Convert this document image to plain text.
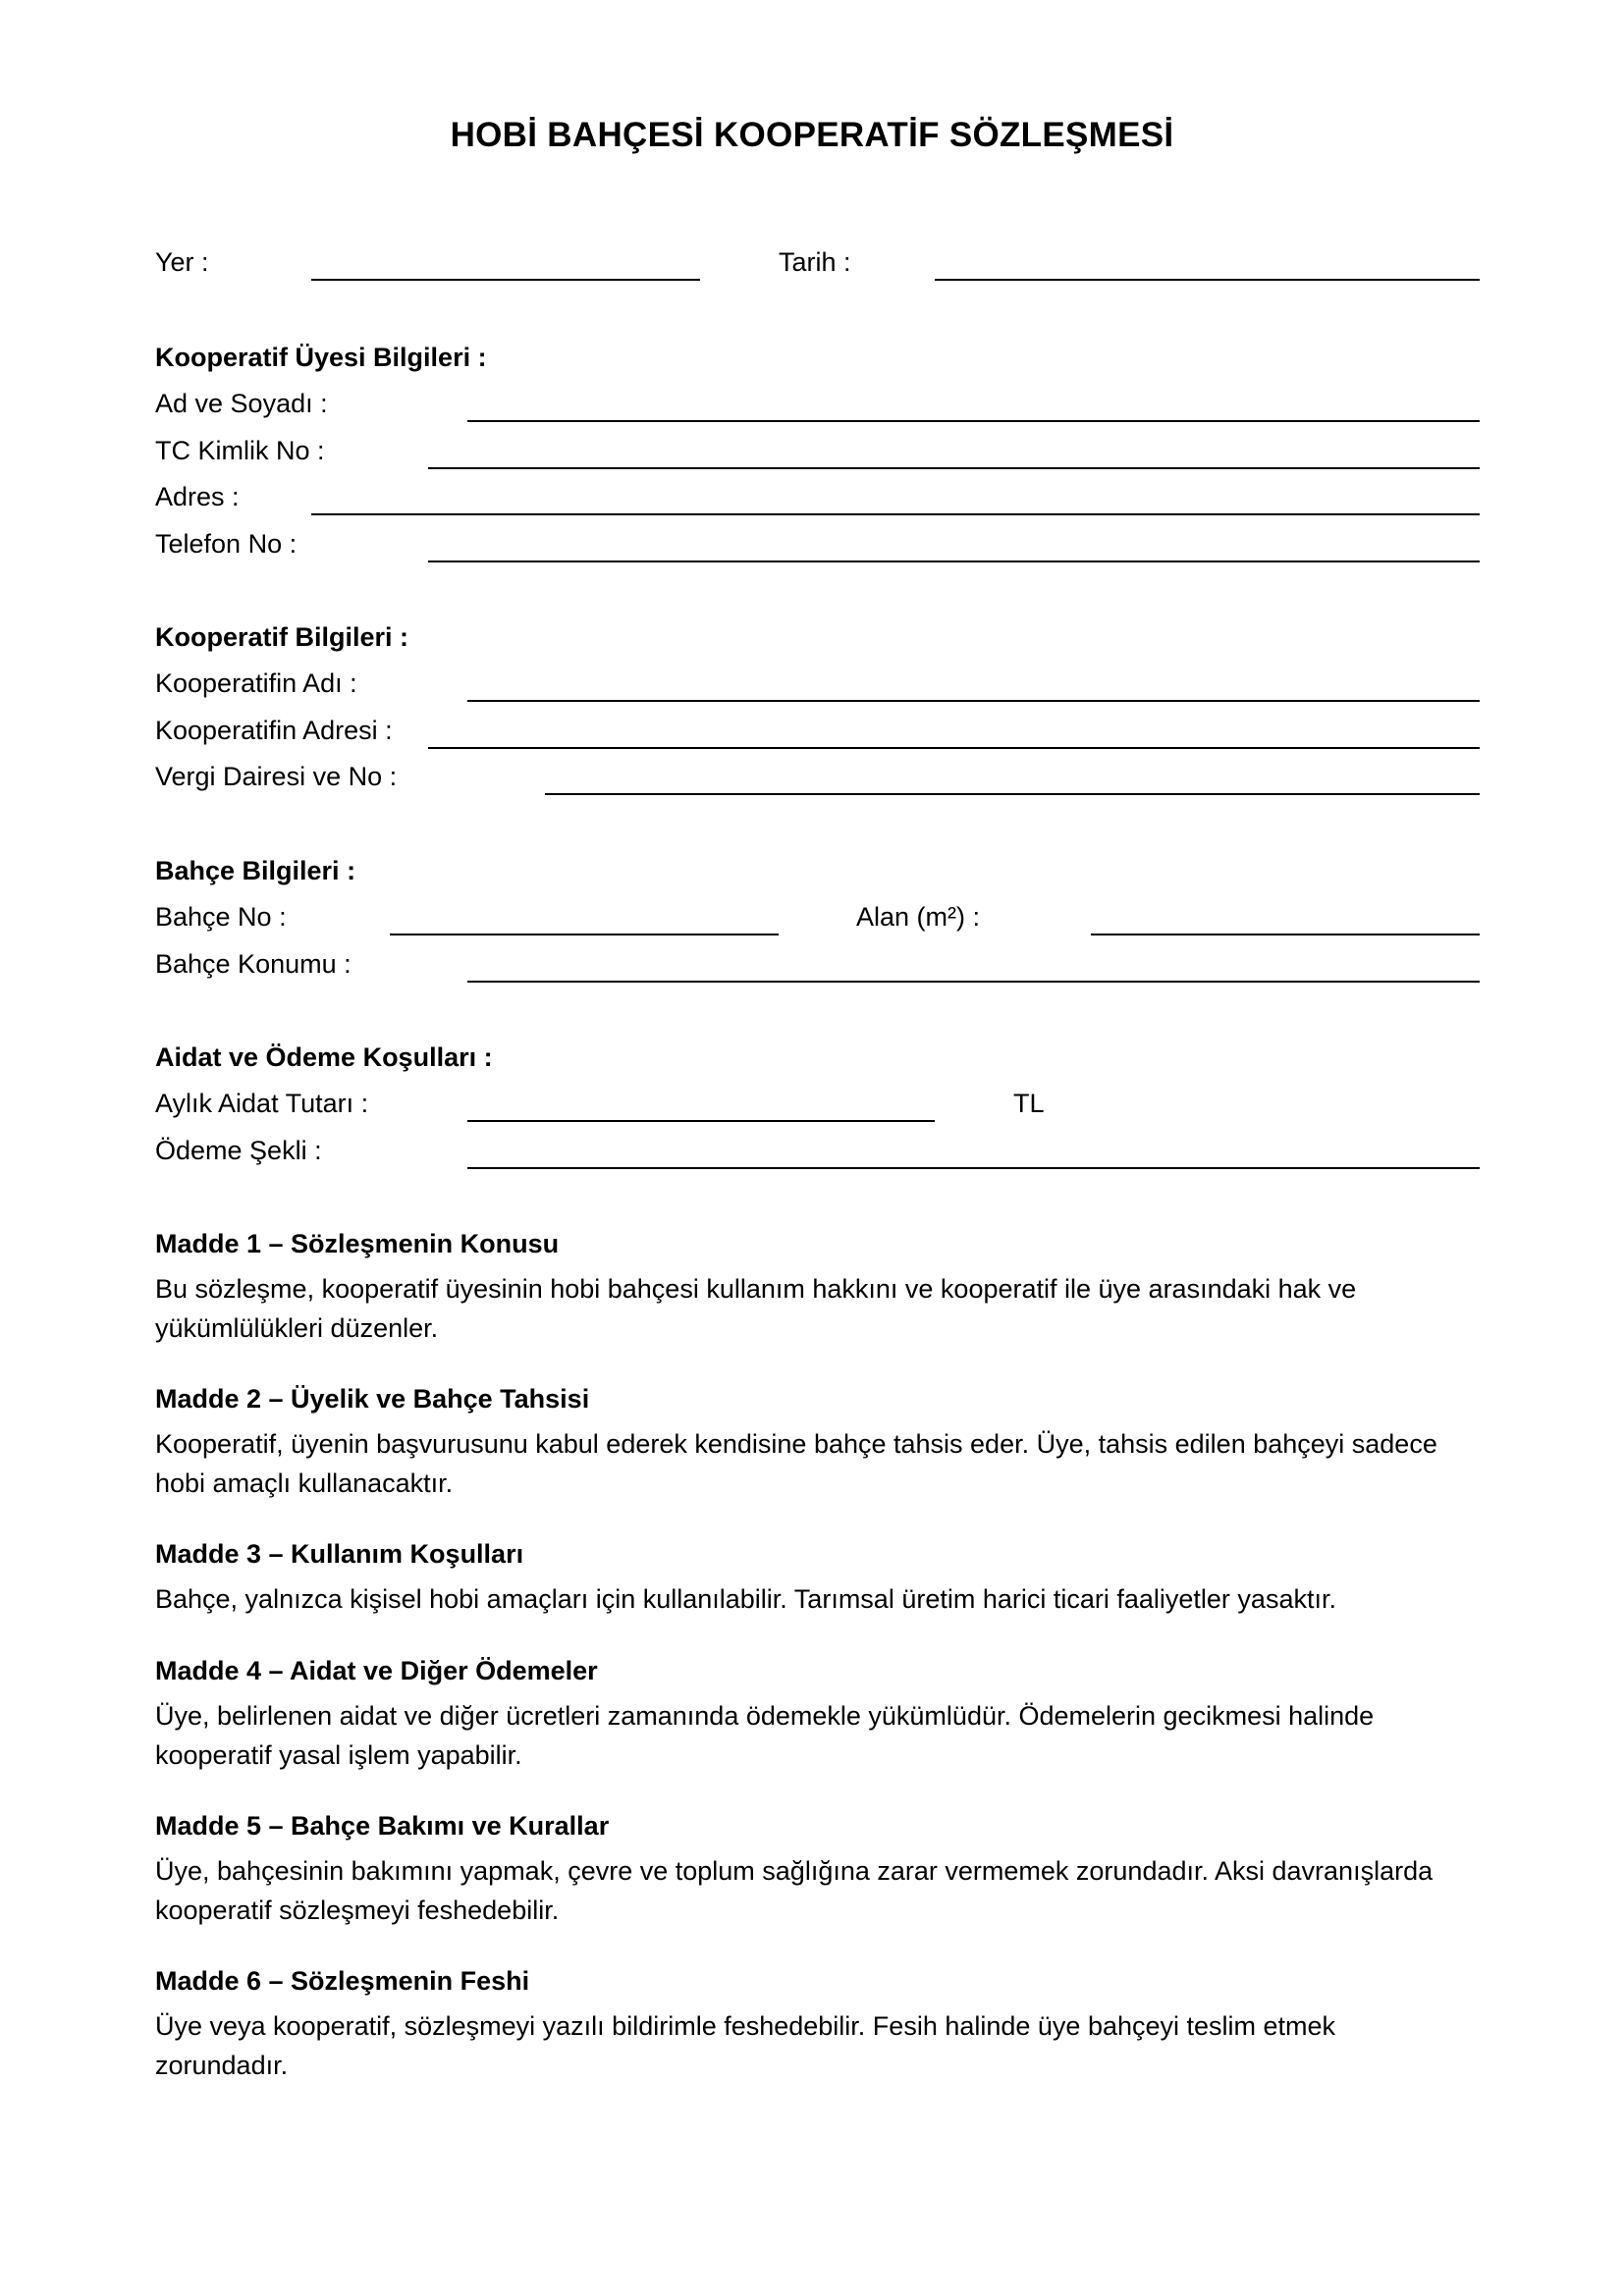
HOBİ BAHÇESİ KOOPERATİF SÖZLEŞMESİ
Yer :	Tarih :
Kooperatif Üyesi Bilgileri :
Ad ve Soyadı :
TC Kimlik No :
Adres :
Telefon No :
Kooperatif Bilgileri :
Kooperatifin Adı :
Kooperatifin Adresi :
Vergi Dairesi ve No :
Bahçe Bilgileri :
Bahçe No :	Alan (m²) :
Bahçe Konumu :
Aidat ve Ödeme Koşulları :
Aylık Aidat Tutarı :	TL
Ödeme Şekli :
Madde 1 – Sözleşmenin Konusu
Bu sözleşme, kooperatif üyesinin hobi bahçesi kullanım hakkını ve kooperatif ile üye arasındaki hak ve yükümlülükleri düzenler.
Madde 2 – Üyelik ve Bahçe Tahsisi
Kooperatif, üyenin başvurusunu kabul ederek kendisine bahçe tahsis eder. Üye, tahsis edilen bahçeyi sadece hobi amaçlı kullanacaktır.
Madde 3 – Kullanım Koşulları
Bahçe, yalnızca kişisel hobi amaçları için kullanılabilir. Tarımsal üretim harici ticari faaliyetler yasaktır.
Madde 4 – Aidat ve Diğer Ödemeler
Üye, belirlenen aidat ve diğer ücretleri zamanında ödemekle yükümlüdür. Ödemelerin gecikmesi halinde kooperatif yasal işlem yapabilir.
Madde 5 – Bahçe Bakımı ve Kurallar
Üye, bahçesinin bakımını yapmak, çevre ve toplum sağlığına zarar vermemek zorundadır. Aksi davranışlarda kooperatif sözleşmeyi feshedebilir.
Madde 6 – Sözleşmenin Feshi
Üye veya kooperatif, sözleşmeyi yazılı bildirimle feshedebilir. Fesih halinde üye bahçeyi teslim etmek zorundadır.
